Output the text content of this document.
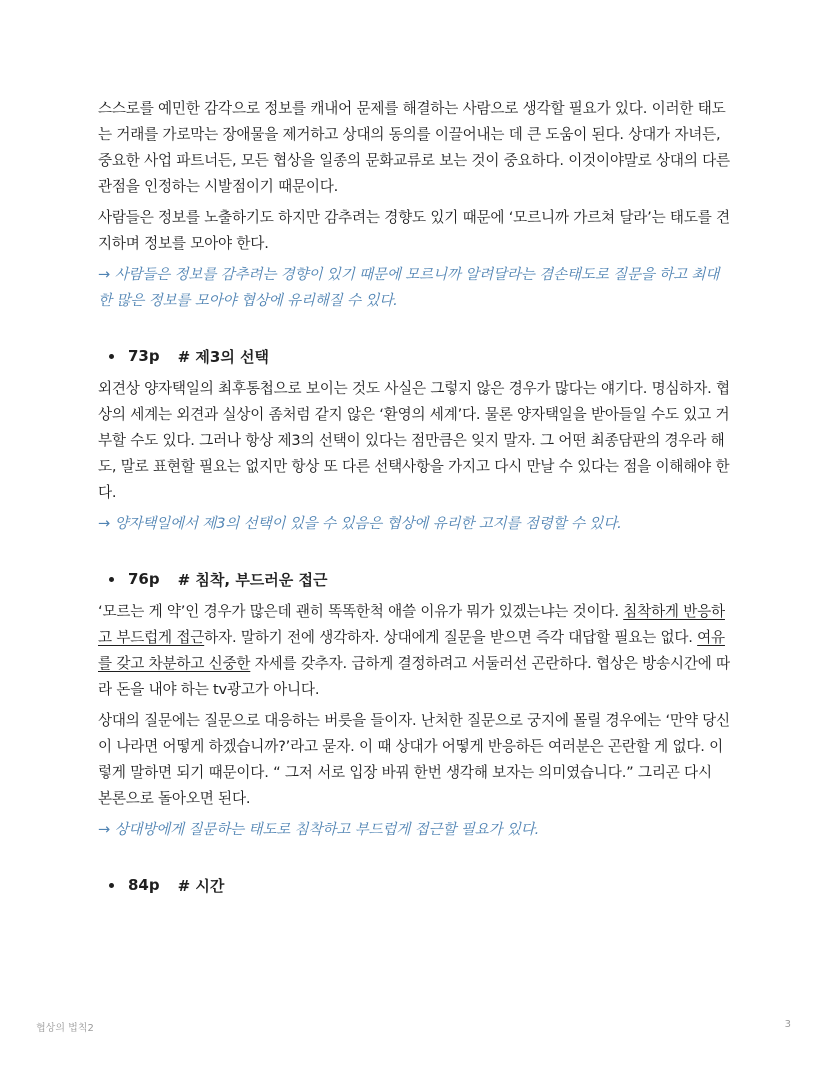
스스로를 예민한 감각으로 정보를 캐내어 문제를 해결하는 사람으로 생각할 필요가 있다. 이러한 태도는 거래를 가로막는 장애물을 제거하고 상대의 동의를 이끌어내는 데 큰 도움이 된다. 상대가 자녀든, 중요한 사업 파트너든, 모든 협상을 일종의 문화교류로 보는 것이 중요하다. 이것이야말로 상대의 다른 관점을 인정하는 시발점이기 때문이다.

사람들은 정보를 노출하기도 하지만 감추려는 경향도 있기 때문에 ‘모르니까 가르쳐 달라’는 태도를 견지하며 정보를 모아야 한다.

→ 사람들은 정보를 감추려는 경향이 있기 때문에 모르니까 알려달라는 겸손태도로 질문을 하고 최대한 많은 정보를 모아야 협상에 유리해질 수 있다.

73p # 제3의 선택

외견상 양자택일의 최후통첩으로 보이는 것도 사실은 그렇지 않은 경우가 많다는 얘기다. 명심하자. 협상의 세계는 외견과 실상이 좀처럼 같지 않은 ‘환영의 세계’다. 물론 양자택일을 받아들일 수도 있고 거부할 수도 있다. 그러나 항상 제3의 선택이 있다는 점만큼은 잊지 말자. 그 어떤 최종담판의 경우라 해도, 말로 표현할 필요는 없지만 항상 또 다른 선택사항을 가지고 다시 만날 수 있다는 점을 이해해야 한다.

→ 양자택일에서 제3의 선택이 있을 수 있음은 협상에 유리한 고지를 점령할 수 있다.

76p # 침착, 부드러운 접근

‘모르는 게 약’인 경우가 많은데 괜히 똑똑한척 애쓸 이유가 뭐가 있겠는냐는 것이다. 침착하게 반응하고 부드럽게 접근하자. 말하기 전에 생각하자. 상대에게 질문을 받으면 즉각 대답할 필요는 없다. 여유를 갖고 차분하고 신중한 자세를 갖추자. 급하게 결정하려고 서둘러선 곤란하다. 협상은 방송시간에 따라 돈을 내야 하는 tv광고가 아니다.

상대의 질문에는 질문으로 대응하는 버릇을 들이자. 난처한 질문으로 궁지에 몰릴 경우에는 ‘만약 당신이 나라면 어떻게 하겠습니까?’라고 묻자. 이 때 상대가 어떻게 반응하든 여러분은 곤란할 게 없다. 이렇게 말하면 되기 때문이다. “ 그저 서로 입장 바꿔 한번 생각해 보자는 의미였습니다.” 그리곤 다시 본론으로 돌아오면 된다.

→ 상대방에게 질문하는 태도로 침착하고 부드럽게 접근할 필요가 있다.

84p # 시간
협상의 법칙2	3
